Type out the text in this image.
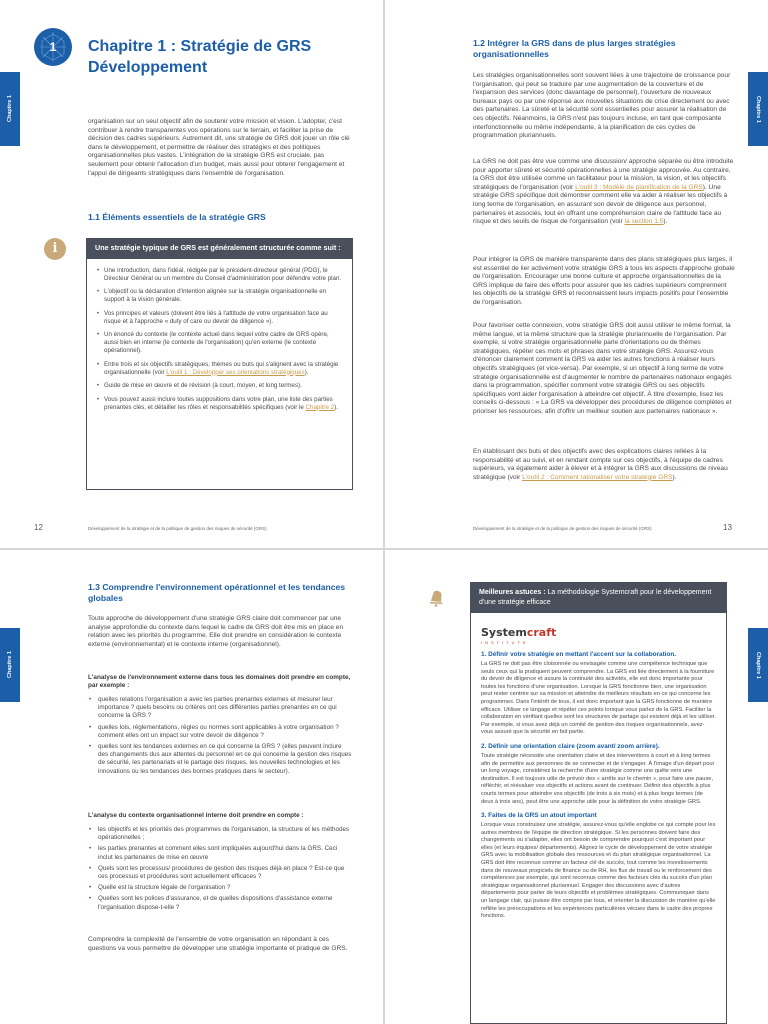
1	Chapitre 1 : Stratégie de GRS Développement
Chapitre 1	organisation sur un seul objectif afin de soutenir votre mission et vision. L'adopter, c'est contribuer à rendre transparentes vos opérations sur le terrain, et faciliter la prise de décision des cadres supérieurs. Autrement dit, une stratégie de GRS doit jouer un rôle clé dans le développement, et permettre de réaliser des stratégies et des politiques organisationnelles plus vastes. L'intégration de la stratégie GRS est cruciale, pas seulement pour obtenir l'allocation d'un budget, mais aussi pour obtenir l'engagement et l'appui de dirigeants stratégiques dans l'ensemble de l'organisation.

1.1 Éléments essentiels de la stratégie GRS
i	Une stratégie typique de GRS est généralement structurée comme suit :
• Une introduction, dans l'idéal, rédigée par le président-directeur général (PDG), le Directeur Général ou un membre du Conseil d'administration pour défendre votre plan.
• L'objectif ou la déclaration d'intention alignée sur la stratégie organisationnelle en support à la vision générale.
• Vos principes et valeurs (doivent être liés à l'attitude de votre organisation face au risque et à l'approche « duty of care ou devoir de diligence »).
• Un énoncé du contexte (le contexte actuel dans lequel votre cadre de GRS opère, aussi bien en interne (le contexte de l'organisation) qu'en externe (le contexte opérationnel).
• Entre trois et six objectifs stratégiques, thèmes ou buts qui s'alignent avec la stratégie organisationnelle (voir L'outil 1 : Développer ses orientations stratégiques).
• Guide de mise en œuvre et de révision (à court, moyen, et long termes).
• Vous pouvez aussi inclure toutes suppositions dans votre plan, une liste des parties prenantes clés, et détailler les rôles et responsabilités spécifiques (voir le Chapitre 2).
12	Développement de la stratégie et de la politique de gestion des risques de sécurité (GRS)
Chapitre 1
1.2 Intégrer la GRS dans de plus larges stratégies organisationnelles

Les stratégies organisationnelles sont souvent liées à une trajectoire de croissance pour l'organisation, qui peut se traduire par une augmentation de la couverture et de l'expansion des services (donc davantage de personnel), l'ouverture de nouveaux bureaux pays ou par une réponse aux nouvelles situations de crise directement ou avec des partenaires. La sûreté et la sécurité sont essentielles pour assurer la réalisation de ces objectifs. Néanmoins, la GRS n'est pas toujours incluse, en tant que composante interfonctionnelle ou même indépendante, à la planification de ces cycles de programmation pluriannuels.

La GRS ne doit pas être vue comme une discussion/ approche séparée ou être introduite pour apporter sûreté et sécurité opérationnelles à une stratégie approuvée. Au contraire, la GRS doit être utilisée comme un facilitateur pour la mission, la vision, et les objectifs stratégiques de l'organisation (voir L'outil 3 : Modèle de planification de la GRS). Une stratégie GRS spécifique doit démontrer comment elle va aider à réaliser les objectifs à long terme de l'organisation, en assurant son devoir de diligence aux personnel, partenaires et associés, tout en offrant une compréhension claire de l'attitude face au risque et des seuils de risque de l'organisation (voir la section 1.5).

Pour intégrer la GRS de manière transparente dans des plans stratégiques plus larges, il est essentiel de lier activement votre stratégie GRS à tous les aspects d'approche globale de l'organisation. Encourager une bonne culture et approche organisationnelles de la GRS implique de faire des efforts pour assurer que les cadres supérieurs comprennent les objectifs de la stratégie GRS et reconnaissent leurs impacts positifs pour l'ensemble de l'organisation.

Pour favoriser cette connexion, votre stratégie GRS doit aussi utiliser le même format, la même langue, et la même structure que la stratégie pluriannuelle de l'organisation. Par exemple, si votre stratégie organisationnelle parle d'orientations ou de thèmes stratégiques, répéter ces mots et phrases dans votre stratégie GRS. Assurez-vous d'énoncer clairement comment la GRS va aider les autres fonctions à réaliser leurs objectifs stratégiques (et vice-versa). Par exemple, si un objectif à long terme de votre stratégie organisationnelle est d'augmenter le nombre de partenaires nationaux engagés dans la programmation, spécifier comment votre stratégie GRS ou ses objectifs spécifiques vont aider l'organisation à atteindre cet objectif. À titre d'exemple, lisez les conseils ci-dessous : « La GRS va développer des procédures de diligence complètes et prioriser les ressources, afin d'offrir un meilleur soutien aux partenaires nationaux ».

En établissant des buts et des objectifs avec des explications claires reliées à la responsabilité et au suivi, et en rendant compte sur ces objectifs, à l'équipe de cadres supérieurs, va également aider à élever et à intégrer la GRS aux discussions de niveau stratégique (voir L'outil 2 : Comment rationaliser votre stratégie GRS).

Développement de la stratégie et de la politique de gestion des risques de sécurité (GRS)	13
Chapitre 1
1.3 Comprendre l'environnement opérationnel et les tendances globales

Toute approche de développement d'une stratégie GRS claire doit commencer par une analyse approfondie du contexte dans lequel le cadre de GRS doit être mis en place en relation avec les priorités du programme. Elle doit prendre en considération le contexte externe (environnemental) et le contexte interne (organisationnel).

L'analyse de l'environnement externe dans tous les domaines doit prendre en compte, par exemple :

• quelles relations l'organisation a avec les parties prenantes externes et mesurer leur importance ? quels besoins ou critères ont ces différentes parties prenantes en ce qui concerne la GRS ?
• quelles lois, réglementations, règles ou normes sont applicables à votre organisation ? comment elles ont un impact sur votre devoir de diligence ?
• quelles sont les tendances externes en ce qui concerne la GRS ? (elles peuvent inclure des changements dus aux attentes du personnel en ce qui concerne la gestion des risques de sécurité, les partenariats et le partage des risques, les nouvelles technologies et les innovations ou les tendances des bonnes pratiques dans le secteur).

L'analyse du contexte organisationnel interne doit prendre en compte :

• les objectifs et les priorités des programmes de l'organisation, la structure et les méthodes opérationnelles ;
• les parties prenantes et comment elles sont impliquées aujourd'hui dans la GRS. Ceci inclut les partenaires de mise en œuvre
• Quels sont les processus/ procédures de gestion des risques déjà en place ? Est-ce que ces processus et procédures sont actuellement efficaces ?
• Quelle est la structure légale de l'organisation ?
• Quelles sont les polices d'assurance, et de quelles dispositions d'assistance externe l'organisation dispose-t-elle ?

Comprendre la complexité de l'ensemble de votre organisation en répondant à ces questions va vous permettre de développer une stratégie importante et pratique de GRS.

Chapitre 1
Meilleures astuces : La méthodologie Systemcraft pour le développement d'une stratégie efficace
Systemcraft
INSTITUTE
1. Définir votre stratégie en mettant l'accent sur la collaboration.

La GRS ne doit pas être cloisonnée ou envisagée comme une compétence technique que seuls ceux qui la pratiquent peuvent comprendre. La GRS est liée directement à la fourniture du devoir de diligence et assure la continuité des activités, elle est donc importante pour toutes les fonctions d'une organisation. Lorsque la GRS fonctionne bien, une organisation peut rester centrée sur sa mission et atteindre de meilleurs résultats en ce qui concerne les programmes. Dans l'intérêt de tous, il est donc important que la GRS fonctionne de manière efficace. Utiliser ce langage et répéter ces points lorsque vous parlez de la GRS. Faciliter la collaboration en vérifiant quelles sont les structures de partage qui existent déjà et les utiliser. Par exemple, si vous avez déjà un comité de gestion des risques organisationnels, avez-vous assuré que la sécurité en fait partie.

2. Définir une orientation claire (zoom avant/ zoom arrière).

Toute stratégie nécessite une orientation claire et des interventions à court et à long termes afin de permettre aux personnes de se connecter et de s'engager. À l'image d'un départ pour un long voyage, considérez la recherche d'une stratégie comme une quête vers une destination. Il est toujours utile de prévoir des « arrêts sur le chemin », pour faire une pause, réfléchir, et réévaluer vos objectifs et actions avant de continuer. Définir des objectifs à plus courts termes pour atteindre vos objectifs (de trois à six mois) et à plus longs termes (de deux à trois ans), peut être une approche utile pour la définition de votre stratégie GRS.

3. Faites de la GRS un atout important

Lorsque vous construisez une stratégie, assurez-vous qu'elle englobe ce qui compte pour les autres membres de l'équipe de direction stratégique. Si les personnes doivent faire des changements ou s'adapter, elles ont besoin de comprendre pourquoi c'est important pour elles (et leurs équipes/ départements). Alignez le cycle de développement de votre stratégie GRS avec la mobilisation globale des ressources et du plan stratégique organisationnel. La GRS doit être reconnue comme un facteur clé de succès, tout comme les investissements dans de nouveaux progiciels de finance ou de RH, les flux de travail ou le renforcement des compétences par exemple, qui sont reconnus comme des facteurs clés du succès d'un plan stratégique organisationnel pluriannuel. Engager des discussions avec d'autres départements pour parler de leurs objectifs et problèmes stratégiques. Communiquer dans un langage clair, qui puisse être compris par tous, et orienter la discussion de manière qu'elle reflète les préoccupations et les expériences particulières vécues dans le cadre des propres fonctions.
